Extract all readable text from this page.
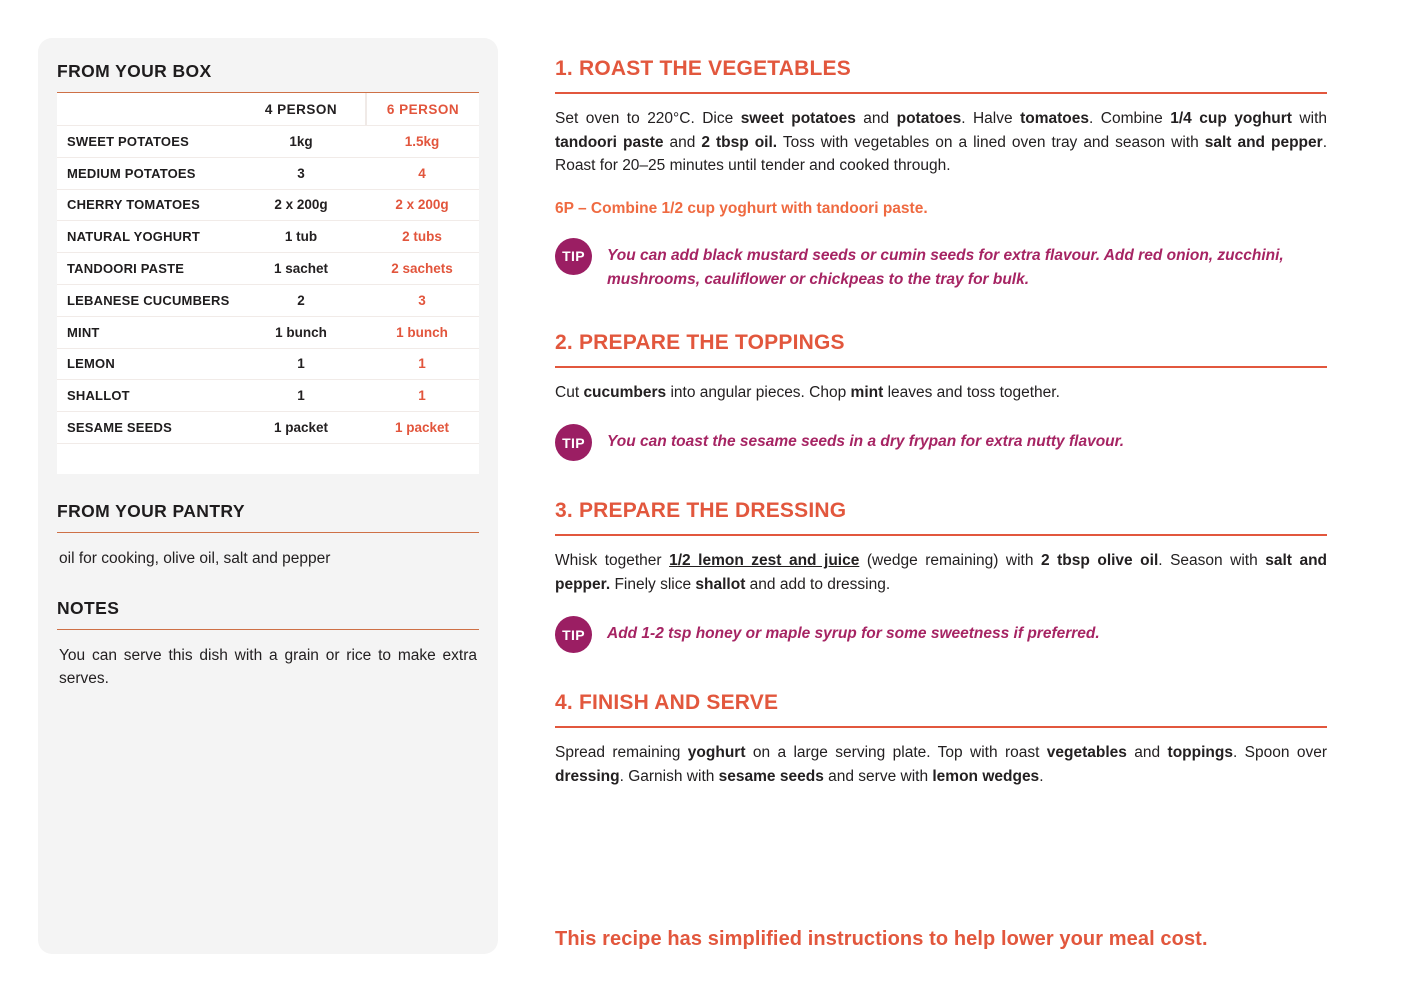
FROM YOUR BOX
4 PERSON	6 PERSON
SWEET POTATOES	1kg	1.5kg
MEDIUM POTATOES	3	4
CHERRY TOMATOES	2 x 200g	2 x 200g
NATURAL YOGHURT	1 tub	2 tubs
TANDOORI PASTE	1 sachet	2 sachets
LEBANESE CUCUMBERS	2	3
MINT	1 bunch	1 bunch
LEMON	1	1
SHALLOT	1	1
SESAME SEEDS	1 packet	1 packet
FROM YOUR PANTRY

oil for cooking, olive oil, salt and pepper

NOTES

You can serve this dish with a grain or rice to make extra serves.

1. ROAST THE VEGETABLES

Set oven to 220°C. Dice sweet potatoes and potatoes. Halve tomatoes. Combine 1/4 cup yoghurt with tandoori paste and 2 tbsp oil. Toss with vegetables on a lined oven tray and season with salt and pepper. Roast for 20–25 minutes until tender and cooked through.

6P – Combine 1/2 cup yoghurt with tandoori paste.

TIP	You can add black mustard seeds or cumin seeds for extra flavour. Add red onion, zucchini, mushrooms, cauliflower or chickpeas to the tray for bulk.

2. PREPARE THE TOPPINGS

Cut cucumbers into angular pieces. Chop mint leaves and toss together.

TIP	You can toast the sesame seeds in a dry frypan for extra nutty flavour.

3. PREPARE THE DRESSING

Whisk together 1/2 lemon zest and juice (wedge remaining) with 2 tbsp olive oil. Season with salt and pepper. Finely slice shallot and add to dressing.

TIP	Add 1-2 tsp honey or maple syrup for some sweetness if preferred.

4. FINISH AND SERVE

Spread remaining yoghurt on a large serving plate. Top with roast vegetables and toppings. Spoon over dressing. Garnish with sesame seeds and serve with lemon wedges.

This recipe has simplified instructions to help lower your meal cost.
